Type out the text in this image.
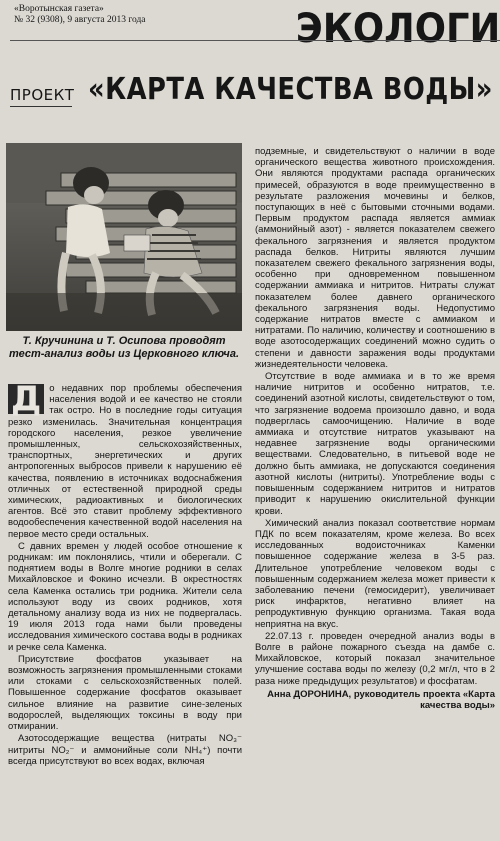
«Воротынская газета»
№ 32 (9308), 9 августа 2013 года	ЭКОЛОГИ
ПРОЕКТ «КАРТА КАЧЕСТВА ВОДЫ»
Т. Кручинина и Т. Осипова проводят тест-анализ воды из Церковного ключа.

Д о недавних пор проблемы обеспечения населения водой и ее качество не стояли так остро. Но в последние годы ситуация резко изменилась. Значительная концентрация городского населения, резкое увеличение промышленных, сельскохозяйственных, транспортных, энергетических и других антропогенных выбросов привели к нарушению её качества, появлению в источниках водоснабжения отличных от естественной природной среды химических, радиоактивных и биологических агентов. Всё это ставит проблему эффективного водообеспечения качественной водой населения на первое место среди остальных.

С давних времен у людей особое отношение к родникам: им поклонялись, чтили и оберегали. С поднятием воды в Волге многие родники в селах Михайловское и Фокино исчезли. В окрестностях села Каменка остались три родника. Жители села используют воду из своих родников, хотя детальному анализу вода из них не подвергалась. 19 июля 2013 года нами были проведены исследования химического состава воды в родниках и речке села Каменка.

Присутствие фосфатов указывает на возможность загрязнения промышленными стоками или стоками с сельскохозяйственных полей. Повышенное содержание фосфатов оказывает сильное влияние на развитие сине-зеленых водорослей, выделяющих токсины в воду при отмирании.

Азотосодержащие вещества (нитраты NO₃⁻ нитриты NO₂⁻ и аммонийные соли NH₄⁺) почти всегда присутствуют во всех водах, включая

подземные, и свидетельствуют о наличии в воде органического вещества животного происхождения. Они являются продуктами распада органических примесей, образуются в воде преимущественно в результате разложения мочевины и белков, поступающих в неё с бытовыми сточными водами. Первым продуктом распада является аммиак (аммонийный азот) - является показателем свежего фекального загрязнения и является продуктом распада белков. Нитриты являются лучшим показателем свежего фекального загрязнения воды, особенно при одновременном повышенном содержании аммиака и нитритов. Нитраты служат показателем более давнего органического фекального загрязнения воды. Недопустимо содержание нитратов вместе с аммиаком и нитратами. По наличию, количеству и соотношению в воде азотосодержащих соединений можно судить о степени и давности заражения воды продуктами жизнедеятельности человека.

Отсутствие в воде аммиака и в то же время наличие нитритов и особенно нитратов, т.е. соединений азотной кислоты, свидетельствуют о том, что загрязнение водоема произошло давно, и вода подверглась самоочищению. Наличие в воде аммиака и отсутствие нитратов указывают на недавнее загрязнение воды органическими веществами. Следовательно, в питьевой воде не должно быть аммиака, не допускаются соединения азотной кислоты (нитриты). Употребление воды с повышенным содержанием нитритов и нитратов приводит к нарушению окислительной функции крови.

Химический анализ показал соответствие нормам ПДК по всем показателям, кроме железа. Во всех исследованных водоисточниках Каменки повышенное содержание железа в 3-5 раз. Длительное употребление человеком воды с повышенным содержанием железа может привести к заболеванию печени (гемосидерит), увеличивает риск инфарктов, негативно влияет на репродуктивную функцию организма. Такая вода неприятна на вкус.

22.07.13 г. проведен очередной анализ воды в Волге в районе пожарного съезда на дамбе с. Михайловское, который показал значительное улучшение состава воды по железу (0,2 мг/л, что в 2 раза ниже предыдущих результатов) и фосфатам.

Анна ДОРОНИНА, руководитель проекта «Карта качества воды»
